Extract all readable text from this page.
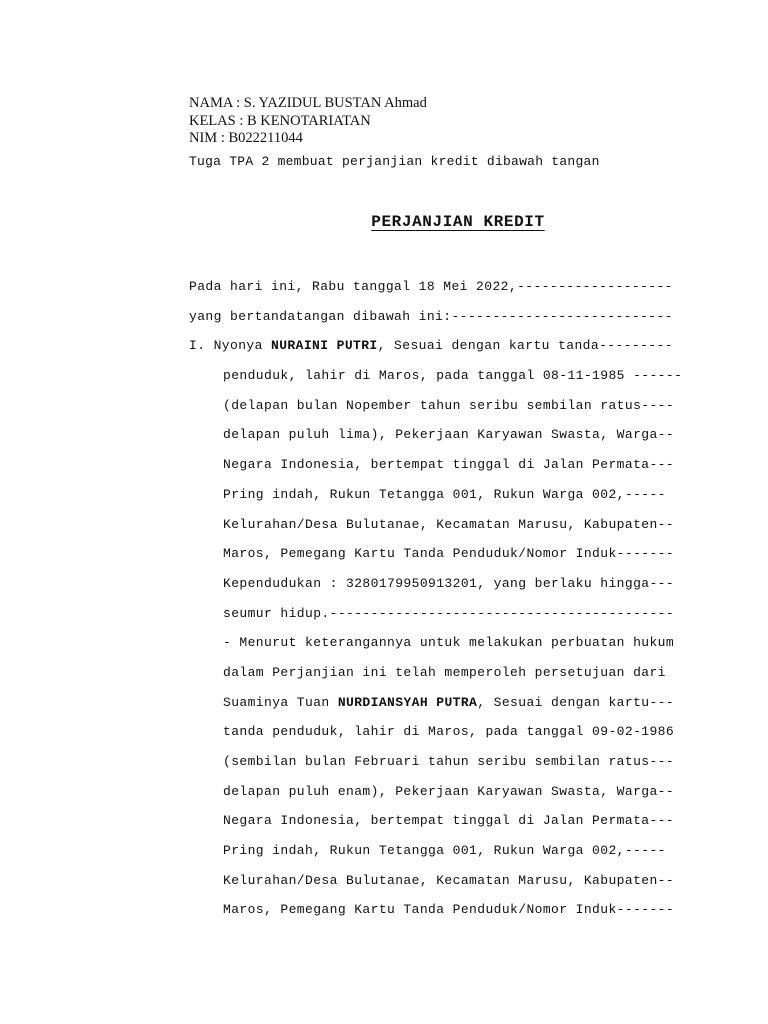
NAMA : S. YAZIDUL BUSTAN Ahmad
KELAS : B KENOTARIATAN
NIM : B022211044
Tuga TPA 2 membuat perjanjian kredit dibawah tangan
PERJANJIAN KREDIT
Pada hari ini, Rabu tanggal 18 Mei 2022,-------------------
yang bertandatangan dibawah ini:---------------------------
I. Nyonya NURAINI PUTRI, Sesuai dengan kartu tanda---------
penduduk, lahir di Maros, pada tanggal 08-11-1985 ------
(delapan bulan Nopember tahun seribu sembilan ratus----
delapan puluh lima), Pekerjaan Karyawan Swasta, Warga--
Negara Indonesia, bertempat tinggal di Jalan Permata---
Pring indah, Rukun Tetangga 001, Rukun Warga 002,-----
Kelurahan/Desa Bulutanae, Kecamatan Marusu, Kabupaten--
Maros, Pemegang Kartu Tanda Penduduk/Nomor Induk-------
Kependudukan : 3280179950913201, yang berlaku hingga---
seumur hidup.------------------------------------------
- Menurut keterangannya untuk melakukan perbuatan hukum
dalam Perjanjian ini telah memperoleh persetujuan dari
Suaminya Tuan NURDIANSYAH PUTRA, Sesuai dengan kartu---
tanda penduduk, lahir di Maros, pada tanggal 09-02-1986
(sembilan bulan Februari tahun seribu sembilan ratus---
delapan puluh enam), Pekerjaan Karyawan Swasta, Warga--
Negara Indonesia, bertempat tinggal di Jalan Permata---
Pring indah, Rukun Tetangga 001, Rukun Warga 002,-----
Kelurahan/Desa Bulutanae, Kecamatan Marusu, Kabupaten--
Maros, Pemegang Kartu Tanda Penduduk/Nomor Induk-------
